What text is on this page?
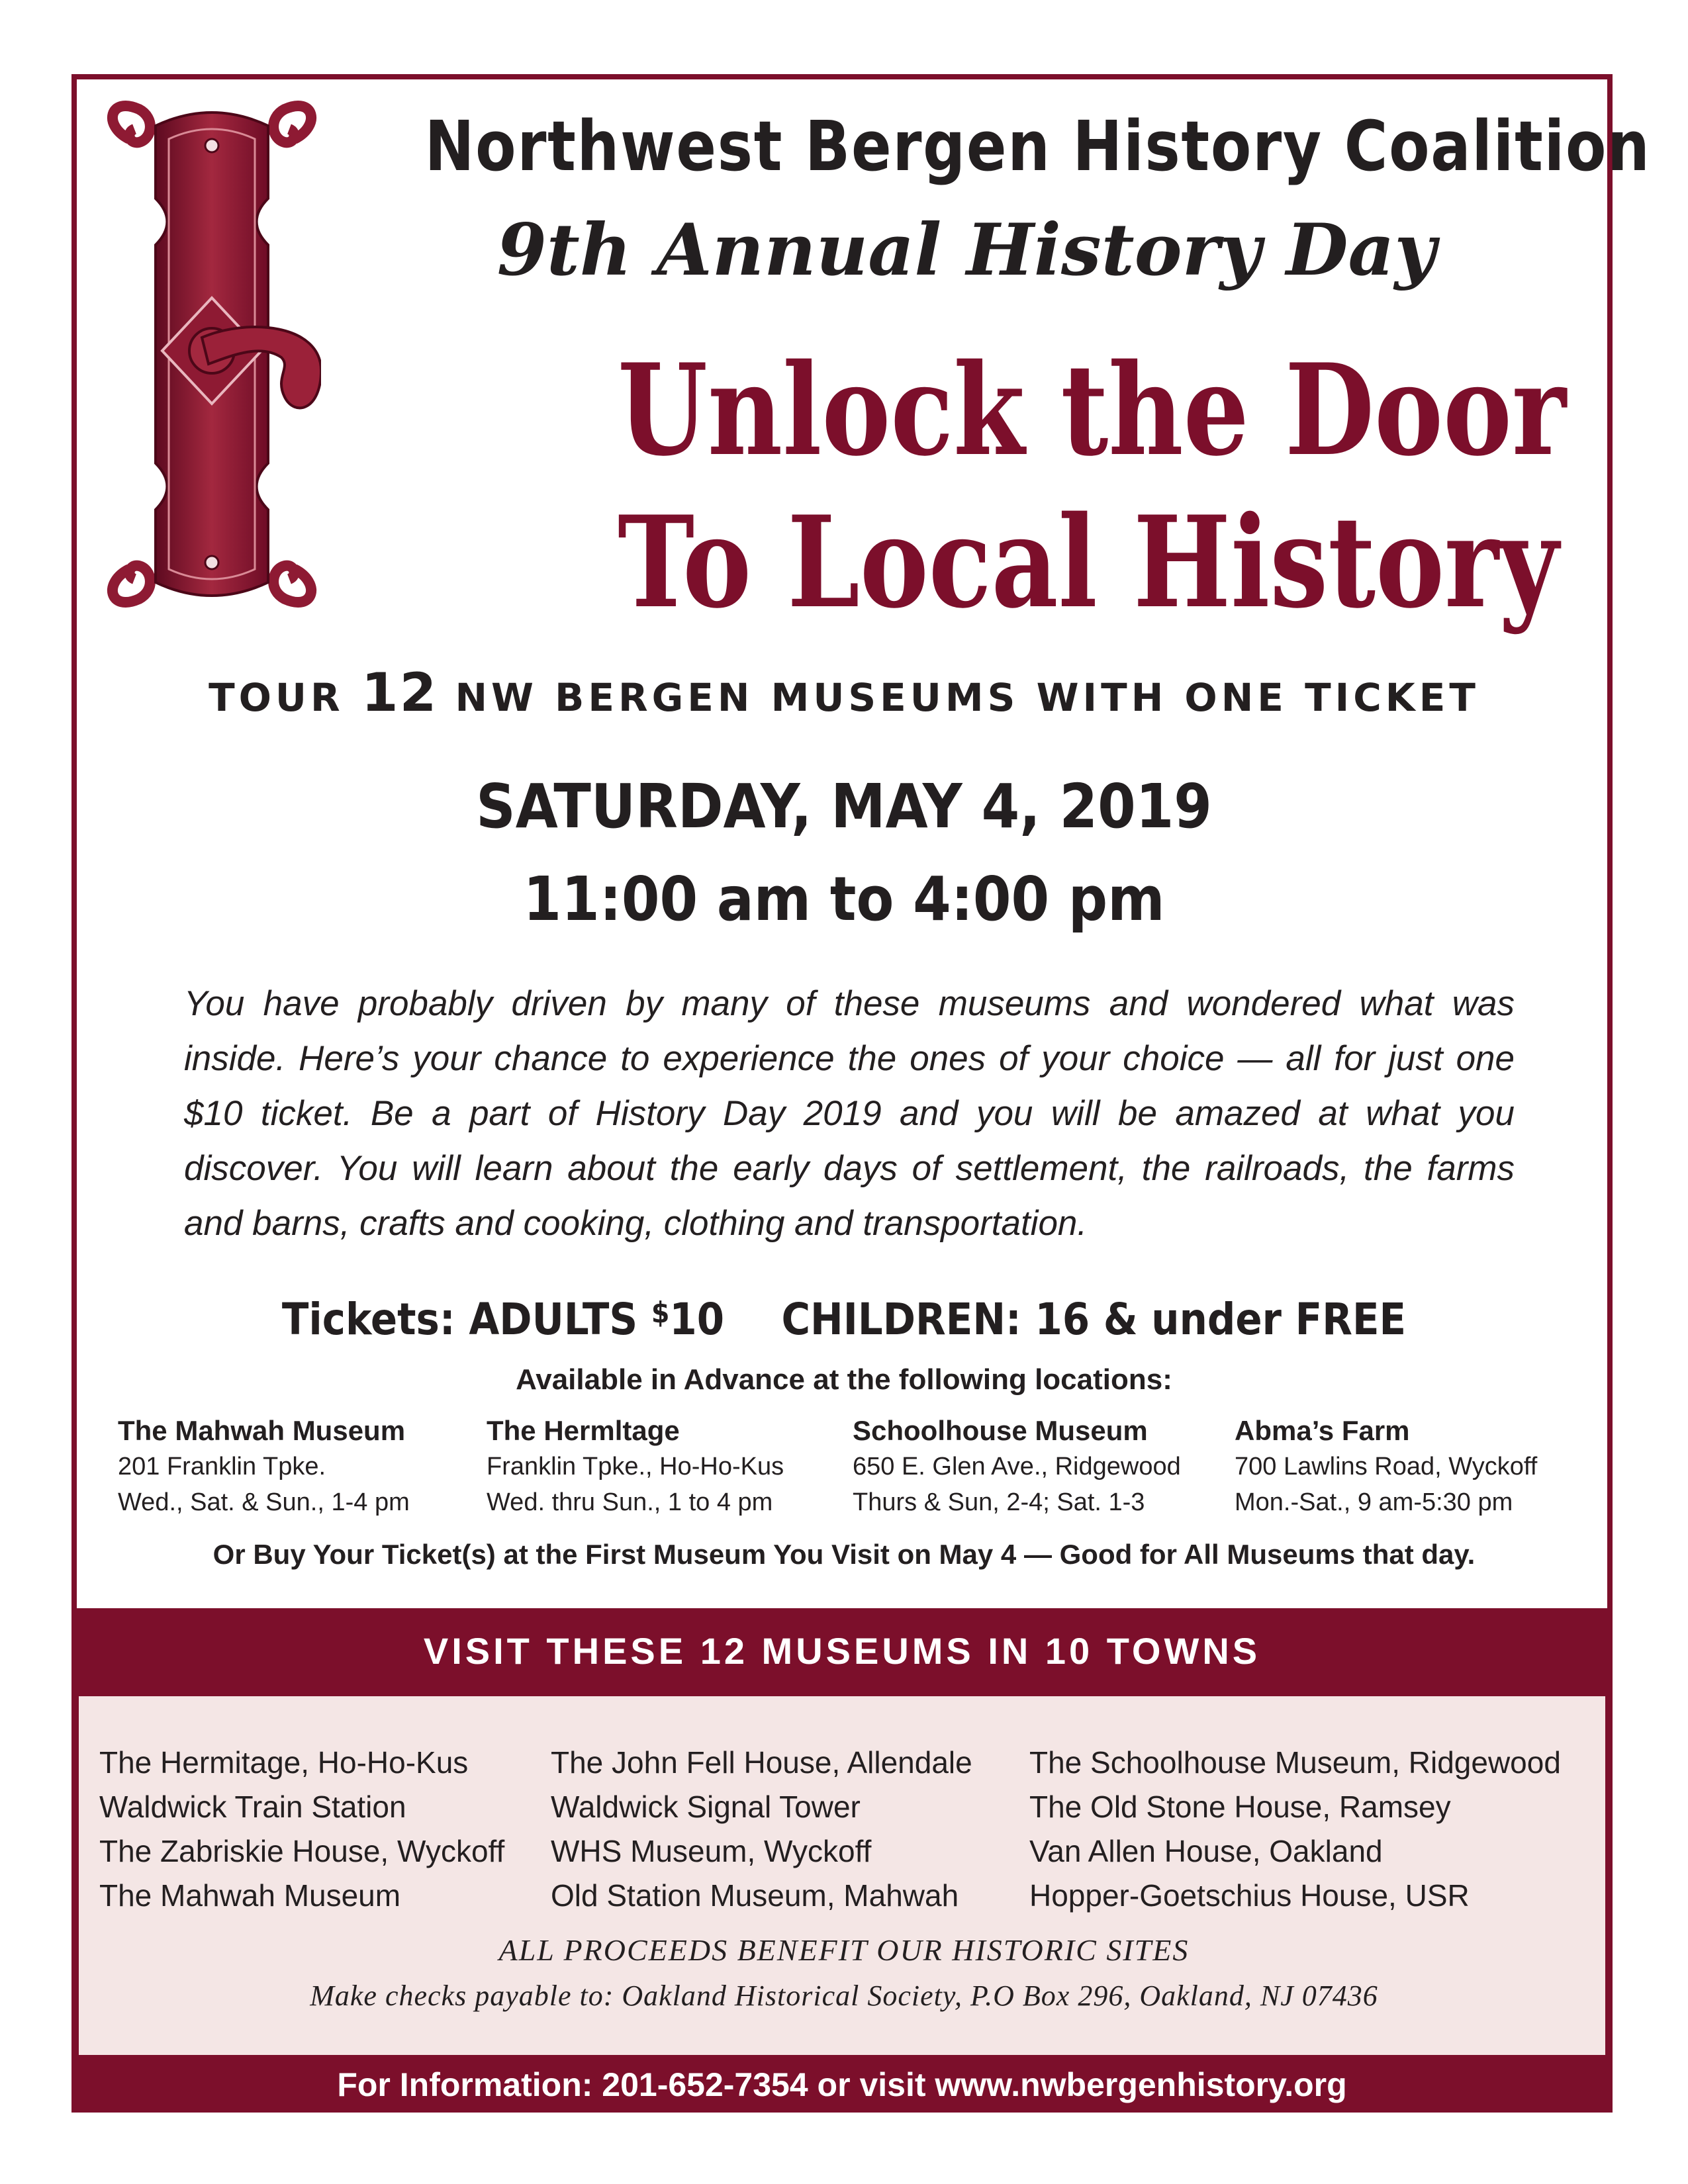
Northwest Bergen History Coalition
9th Annual History Day
Unlock the Door
To Local History
TOUR 12 NW BERGEN MUSEUMS WITH ONE TICKET
SATURDAY, MAY 4, 2019
11:00 am to 4:00 pm
You have probably driven by many of these museums and wondered what was inside. Here’s your chance to experience the ones of your choice — all for just one $10 ticket. Be a part of History Day 2019 and you will be amazed at what you discover. You will learn about the early days of settlement, the railroads, the farms and barns, crafts and cooking, clothing and transportation.
Tickets: ADULTS $10 CHILDREN: 16 & under FREE
Available in Advance at the following locations:
The Mahwah Museum
201 Franklin Tpke.
Wed., Sat. & Sun., 1-4 pm
The Hermltage
Franklin Tpke., Ho-Ho-Kus
Wed. thru Sun., 1 to 4 pm
Schoolhouse Museum
650 E. Glen Ave., Ridgewood
Thurs & Sun, 2-4; Sat. 1-3
Abma’s Farm
700 Lawlins Road, Wyckoff
Mon.-Sat., 9 am-5:30 pm
Or Buy Your Ticket(s) at the First Museum You Visit on May 4 — Good for All Museums that day.
VISIT THESE 12 MUSEUMS IN 10 TOWNS
The Hermitage, Ho-Ho-Kus
Waldwick Train Station
The Zabriskie House, Wyckoff
The Mahwah Museum
The John Fell House, Allendale
Waldwick Signal Tower
WHS Museum, Wyckoff
Old Station Museum, Mahwah
The Schoolhouse Museum, Ridgewood
The Old Stone House, Ramsey
Van Allen House, Oakland
Hopper-Goetschius House, USR
ALL PROCEEDS BENEFIT OUR HISTORIC SITES
Make checks payable to: Oakland Historical Society, P.O Box 296, Oakland, NJ 07436
For Information: 201-652-7354 or visit www.nwbergenhistory.org
